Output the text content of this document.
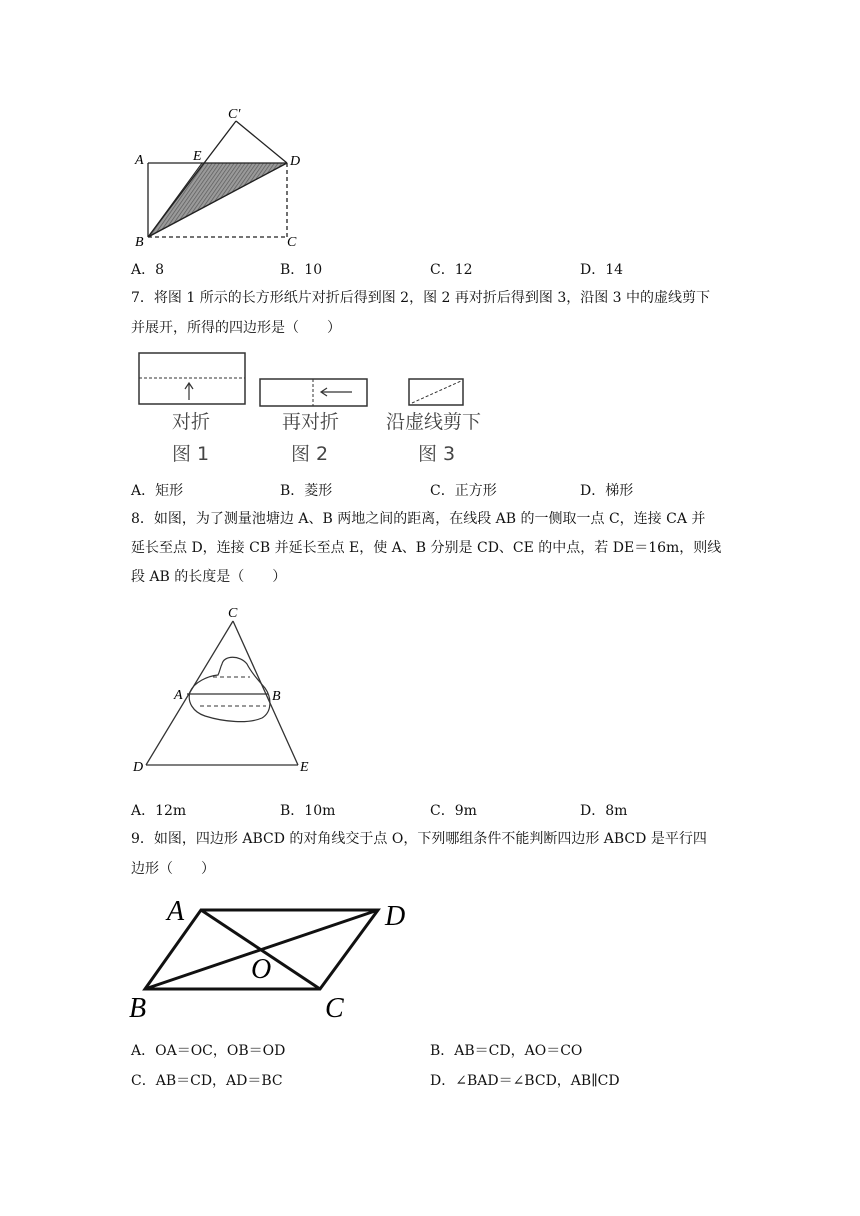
C′
A	E	D
B	C
A．8	B．10	C．12	D．14
7．将图 1 所示的长方形纸片对折后得到图 2，图 2 再对折后得到图 3，沿图 3 中的虚线剪下
并展开，所得的四边形是（　　）
对折
图 1
再对折
图 2
沿虚线剪下
图 3
A．矩形	B．菱形	C．正方形	D．梯形
8．如图，为了测量池塘边 A、B 两地之间的距离，在线段 AB 的一侧取一点 C，连接 CA 并
延长至点 D，连接 CB 并延长至点 E，使 A、B 分别是 CD、CE 的中点，若 DE＝16m，则线
段 AB 的长度是（　　）
C
A	B
D	E
A．12m	B．10m	C．9m	D．8m
9．如图，四边形 ABCD 的对角线交于点 O，下列哪组条件不能判断四边形 ABCD 是平行四
边形（　　）
A	D
O
B	C
A．OA＝OC，OB＝OD	B．AB＝CD，AO＝CO
C．AB＝CD，AD＝BC	D．∠BAD＝∠BCD，AB∥CD
